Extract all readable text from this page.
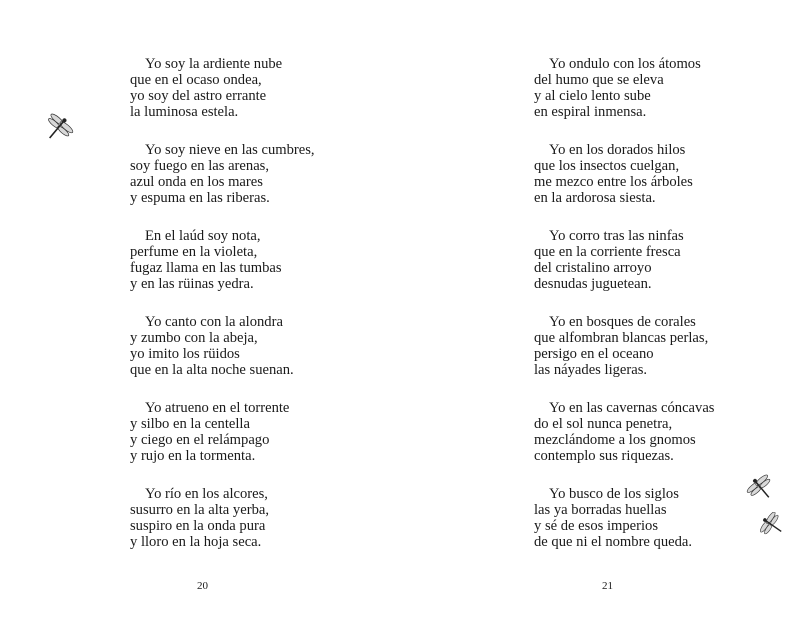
Yo soy la ardiente nube
que en el ocaso ondea,
yo soy del astro errante
la luminosa estela.
Yo soy nieve en las cumbres,
soy fuego en las arenas,
azul onda en los mares
y espuma en las riberas.
En el laúd soy nota,
perfume en la violeta,
fugaz llama en las tumbas
y en las rüinas yedra.
Yo canto con la alondra
y zumbo con la abeja,
yo imito los rüidos
que en la alta noche suenan.
Yo atrueno en el torrente
y silbo en la centella
y ciego en el relámpago
y rujo en la tormenta.
Yo río en los alcores,
susurro en la alta yerba,
suspiro en la onda pura
y lloro en la hoja seca.
20
Yo ondulo con los átomos
del humo que se eleva
y al cielo lento sube
en espiral inmensa.
Yo en los dorados hilos
que los insectos cuelgan,
me mezco entre los árboles
en la ardorosa siesta.
Yo corro tras las ninfas
que en la corriente fresca
del cristalino arroyo
desnudas juguetean.
Yo en bosques de corales
que alfombran blancas perlas,
persigo en el oceano
las náyades ligeras.
Yo en las cavernas cóncavas
do el sol nunca penetra,
mezclándome a los gnomos
contemplo sus riquezas.
Yo busco de los siglos
las ya borradas huellas
y sé de esos imperios
de que ni el nombre queda.
21
